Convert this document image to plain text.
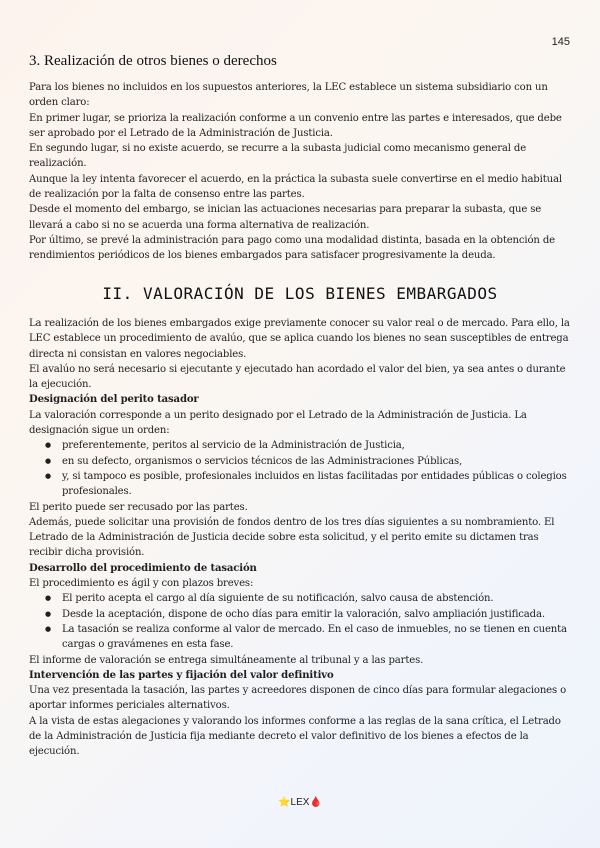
145
3. Realización de otros bienes o derechos

Para los bienes no incluidos en los supuestos anteriores, la LEC establece un sistema subsidiario con un orden claro:

En primer lugar, se prioriza la realización conforme a un convenio entre las partes e interesados, que debe ser aprobado por el Letrado de la Administración de Justicia.

En segundo lugar, si no existe acuerdo, se recurre a la subasta judicial como mecanismo general de realización.

Aunque la ley intenta favorecer el acuerdo, en la práctica la subasta suele convertirse en el medio habitual de realización por la falta de consenso entre las partes.

Desde el momento del embargo, se inician las actuaciones necesarias para preparar la subasta, que se llevará a cabo si no se acuerda una forma alternativa de realización.

Por último, se prevé la administración para pago como una modalidad distinta, basada en la obtención de rendimientos periódicos de los bienes embargados para satisfacer progresivamente la deuda.

II. VALORACIÓN DE LOS BIENES EMBARGADOS

La realización de los bienes embargados exige previamente conocer su valor real o de mercado. Para ello, la LEC establece un procedimiento de avalúo, que se aplica cuando los bienes no sean susceptibles de entrega directa ni consistan en valores negociables.

El avalúo no será necesario si ejecutante y ejecutado han acordado el valor del bien, ya sea antes o durante la ejecución.

Designación del perito tasador

La valoración corresponde a un perito designado por el Letrado de la Administración de Justicia. La designación sigue un orden:

● preferentemente, peritos al servicio de la Administración de Justicia,
● en su defecto, organismos o servicios técnicos de las Administraciones Públicas,
● y, si tampoco es posible, profesionales incluidos en listas facilitadas por entidades públicas o colegios profesionales.

El perito puede ser recusado por las partes.

Además, puede solicitar una provisión de fondos dentro de los tres días siguientes a su nombramiento. El Letrado de la Administración de Justicia decide sobre esta solicitud, y el perito emite su dictamen tras recibir dicha provisión.

Desarrollo del procedimiento de tasación

El procedimiento es ágil y con plazos breves:

● El perito acepta el cargo al día siguiente de su notificación, salvo causa de abstención.
● Desde la aceptación, dispone de ocho días para emitir la valoración, salvo ampliación justificada.
● La tasación se realiza conforme al valor de mercado. En el caso de inmuebles, no se tienen en cuenta cargas o gravámenes en esta fase.

El informe de valoración se entrega simultáneamente al tribunal y a las partes.

Intervención de las partes y fijación del valor definitivo

Una vez presentada la tasación, las partes y acreedores disponen de cinco días para formular alegaciones o aportar informes periciales alternativos.

A la vista de estas alegaciones y valorando los informes conforme a las reglas de la sana crítica, el Letrado de la Administración de Justicia fija mediante decreto el valor definitivo de los bienes a efectos de la ejecución.

⭐LEX🩸
